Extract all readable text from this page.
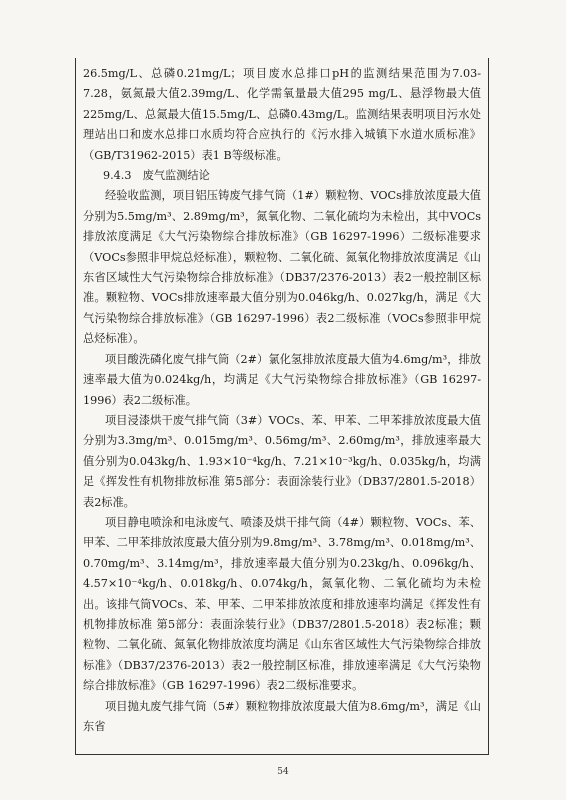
26.5mg/L、总磷0.21mg/L；项目废水总排口pH的监测结果范围为7.03-7.28，氨氮最大值2.39mg/L、化学需氧量最大值295 mg/L、悬浮物最大值225mg/L、总氮最大值15.5mg/L、总磷0.43mg/L。监测结果表明项目污水处理站出口和废水总排口水质均符合应执行的《污水排入城镇下水道水质标准》（GB/T31962-2015）表1 B等级标准。

9.4.3　废气监测结论

经验收监测，项目铝压铸废气排气筒（1#）颗粒物、VOCs排放浓度最大值分别为5.5mg/m³、2.89mg/m³，氮氧化物、二氧化硫均为未检出，其中VOCs排放浓度满足《大气污染物综合排放标准》（GB 16297-1996）二级标准要求（VOCs参照非甲烷总烃标准），颗粒物、二氧化硫、氮氧化物排放浓度满足《山东省区域性大气污染物综合排放标准》（DB37/2376-2013）表2一般控制区标准。颗粒物、VOCs排放速率最大值分别为0.046kg/h、0.027kg/h，满足《大气污染物综合排放标准》（GB 16297-1996）表2二级标准（VOCs参照非甲烷总烃标准）。

项目酸洗磷化废气排气筒（2#）氯化氢排放浓度最大值为4.6mg/m³，排放速率最大值为0.024kg/h，均满足《大气污染物综合排放标准》（GB 16297-1996）表2二级标准。

项目浸漆烘干废气排气筒（3#）VOCs、苯、甲苯、二甲苯排放浓度最大值分别为3.3mg/m³、0.015mg/m³、0.56mg/m³、2.60mg/m³，排放速率最大值分别为0.043kg/h、1.93×10⁻⁴kg/h、7.21×10⁻³kg/h、0.035kg/h，均满足《挥发性有机物排放标准 第5部分：表面涂装行业》（DB37/2801.5-2018）表2标准。

项目静电喷涂和电泳废气、喷漆及烘干排气筒（4#）颗粒物、VOCs、苯、甲苯、二甲苯排放浓度最大值分别为9.8mg/m³、3.78mg/m³、0.018mg/m³、0.70mg/m³、3.14mg/m³，排放速率最大值分别为0.23kg/h、0.096kg/h、4.57×10⁻⁴kg/h、0.018kg/h、0.074kg/h，氮氧化物、二氧化硫均为未检出。该排气筒VOCs、苯、甲苯、二甲苯排放浓度和排放速率均满足《挥发性有机物排放标准 第5部分：表面涂装行业》（DB37/2801.5-2018）表2标准；颗粒物、二氧化硫、氮氧化物排放浓度均满足《山东省区域性大气污染物综合排放标准》（DB37/2376-2013）表2一般控制区标准，排放速率满足《大气污染物综合排放标准》（GB 16297-1996）表2二级标准要求。

项目抛丸废气排气筒（5#）颗粒物排放浓度最大值为8.6mg/m³，满足《山东省

54
